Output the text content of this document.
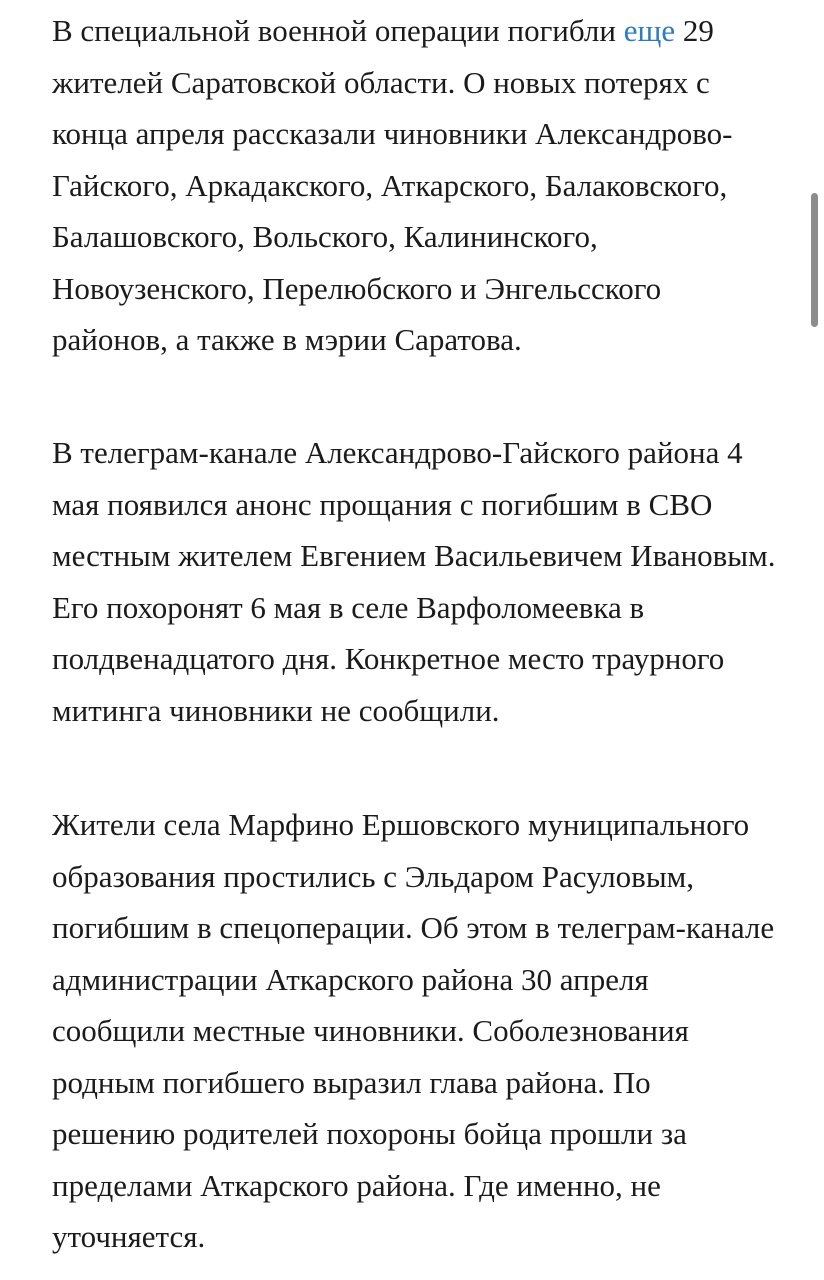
В специальной военной операции погибли еще 29
жителей Саратовской области. О новых потерях с
конца апреля рассказали чиновники Александрово-
Гайского, Аркадакского, Аткарского, Балаковского,
Балашовского, Вольского, Калининского,
Новоузенского, Перелюбского и Энгельсского
районов, а также в мэрии Саратова.

В телеграм-канале Александрово-Гайского района 4
мая появился анонс прощания с погибшим в СВО
местным жителем Евгением Васильевичем Ивановым.
Его похоронят 6 мая в селе Варфоломеевка в
полдвенадцатого дня. Конкретное место траурного
митинга чиновники не сообщили.

Жители села Марфино Ершовского муниципального
образования простились с Эльдаром Расуловым,
погибшим в спецоперации. Об этом в телеграм-канале
администрации Аткарского района 30 апреля
сообщили местные чиновники. Соболезнования
родным погибшего выразил глава района. По
решению родителей похороны бойца прошли за
пределами Аткарского района. Где именно, не
уточняется.
